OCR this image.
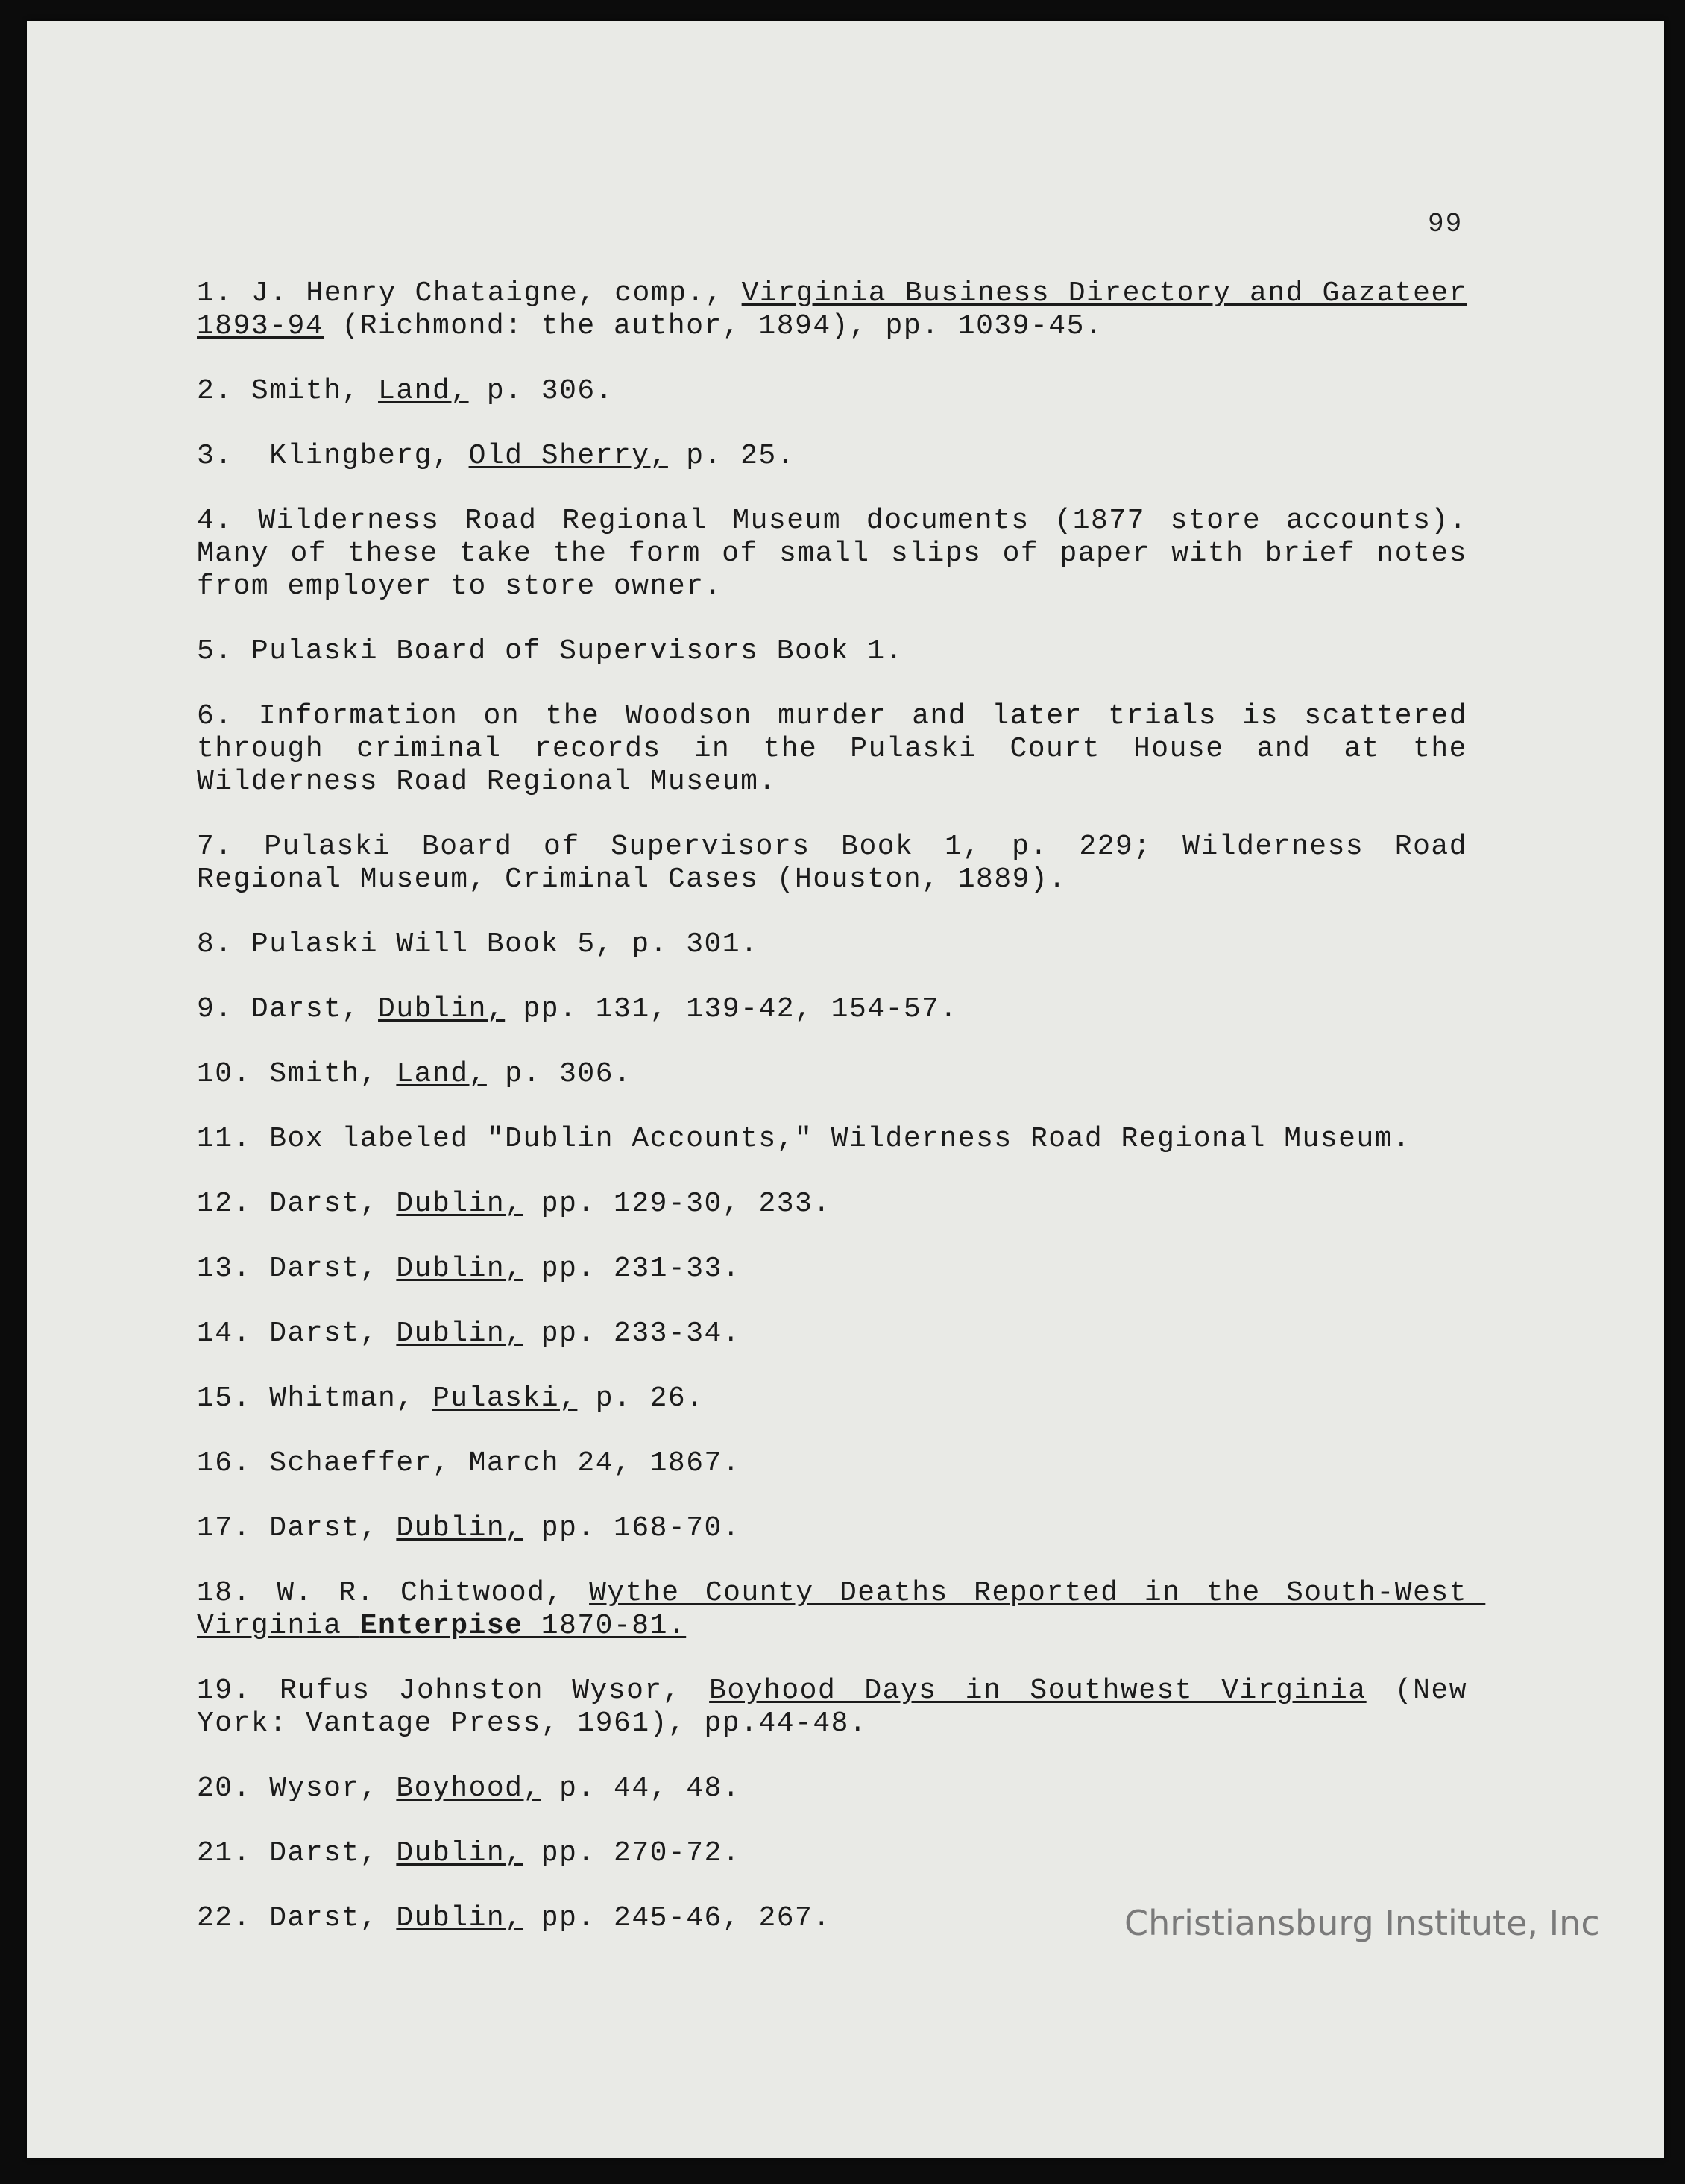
99

1. J. Henry Chataigne, comp., Virginia Business Directory and Gazateer 1893-94 (Richmond: the author, 1894), pp. 1039-45.

2. Smith, Land, p. 306.

3.  Klingberg, Old Sherry, p. 25.

4. Wilderness Road Regional Museum documents (1877 store accounts). Many of these take the form of small slips of paper with brief notes from employer to store owner.

5. Pulaski Board of Supervisors Book 1.

6. Information on the Woodson murder and later trials is scattered through criminal records in the Pulaski Court House and at the Wilderness Road Regional Museum.

7. Pulaski Board of Supervisors Book 1, p. 229; Wilderness Road Regional Museum, Criminal Cases (Houston, 1889).

8. Pulaski Will Book 5, p. 301.

9. Darst, Dublin, pp. 131, 139-42, 154-57.

10. Smith, Land, p. 306.

11. Box labeled "Dublin Accounts," Wilderness Road Regional Museum.

12. Darst, Dublin, pp. 129-30, 233.

13. Darst, Dublin, pp. 231-33.

14. Darst, Dublin, pp. 233-34.

15. Whitman, Pulaski, p. 26.

16. Schaeffer, March 24, 1867.

17. Darst, Dublin, pp. 168-70.

18. W. R. Chitwood, Wythe County Deaths Reported in the South-West Virginia Enterpise 1870-81.

19. Rufus Johnston Wysor, Boyhood Days in Southwest Virginia (New York: Vantage Press, 1961), pp.44-48.

20. Wysor, Boyhood, p. 44, 48.

21. Darst, Dublin, pp. 270-72.

22. Darst, Dublin, pp. 245-46, 267.	Christiansburg Institute, Inc
